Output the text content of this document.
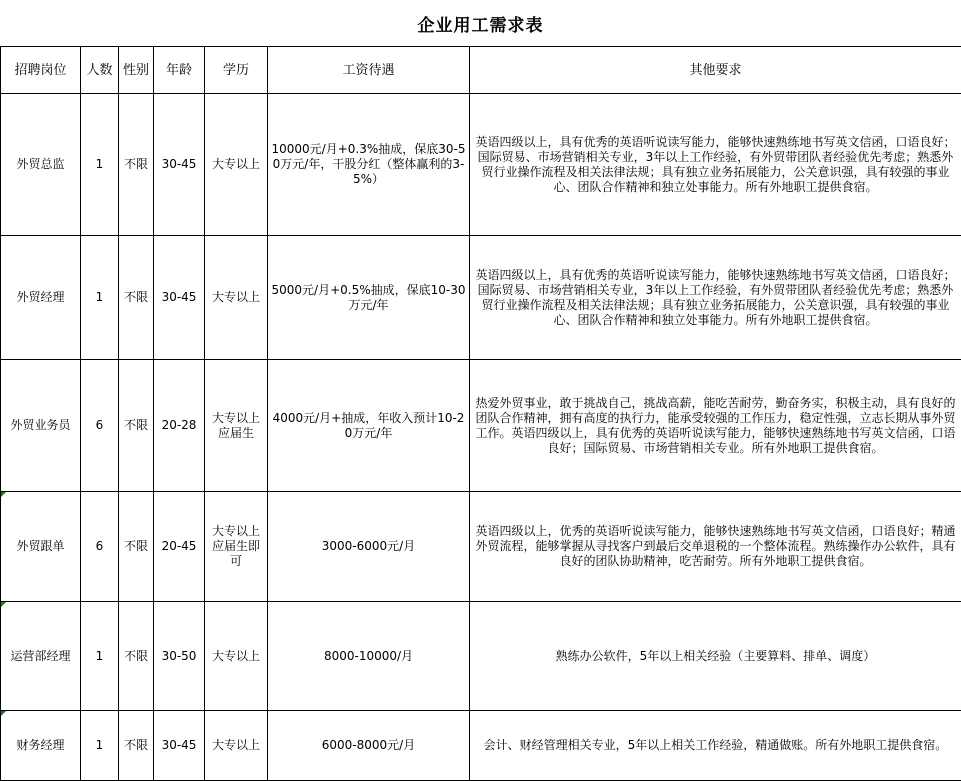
企业用工需求表
招聘岗位	人数	性别	年龄	学历	工资待遇	其他要求
外贸总监	1	不限	30-45	大专以上	10000元/月+0.3%抽成，保底30-50万元/年，干股分红（整体赢利的3-5%）	英语四级以上，具有优秀的英语听说读写能力，能够快速熟练地书写英文信函，口语良好；国际贸易、市场营销相关专业，3年以上工作经验，有外贸带团队者经验优先考虑；熟悉外贸行业操作流程及相关法律法规；具有独立业务拓展能力，公关意识强，具有较强的事业心、团队合作精神和独立处事能力。所有外地职工提供食宿。
外贸经理	1	不限	30-45	大专以上	5000元/月+0.5%抽成，保底10-30万元/年	英语四级以上，具有优秀的英语听说读写能力，能够快速熟练地书写英文信函，口语良好；国际贸易、市场营销相关专业，3年以上工作经验，有外贸带团队者经验优先考虑；熟悉外贸行业操作流程及相关法律法规；具有独立业务拓展能力，公关意识强，具有较强的事业心、团队合作精神和独立处事能力。所有外地职工提供食宿。
外贸业务员	6	不限	20-28	大专以上应届生	4000元/月+抽成，年收入预计10-20万元/年	热爱外贸事业，敢于挑战自己，挑战高薪，能吃苦耐劳，勤奋务实，积极主动，具有良好的团队合作精神，拥有高度的执行力，能承受较强的工作压力，稳定性强，立志长期从事外贸工作。英语四级以上，具有优秀的英语听说读写能力，能够快速熟练地书写英文信函，口语良好；国际贸易、市场营销相关专业。所有外地职工提供食宿。
外贸跟单	6	不限	20-45	大专以上应届生即可	3000-6000元/月	英语四级以上，优秀的英语听说读写能力，能够快速熟练地书写英文信函，口语良好；精通外贸流程，能够掌握从寻找客户到最后交单退税的一个整体流程。熟练操作办公软件，具有良好的团队协助精神，吃苦耐劳。所有外地职工提供食宿。
运营部经理	1	不限	30-50	大专以上	8000-10000/月	熟练办公软件，5年以上相关经验（主要算料、排单、调度）
财务经理	1	不限	30-45	大专以上	6000-8000元/月	会计、财经管理相关专业，5年以上相关工作经验，精通做账。所有外地职工提供食宿。
